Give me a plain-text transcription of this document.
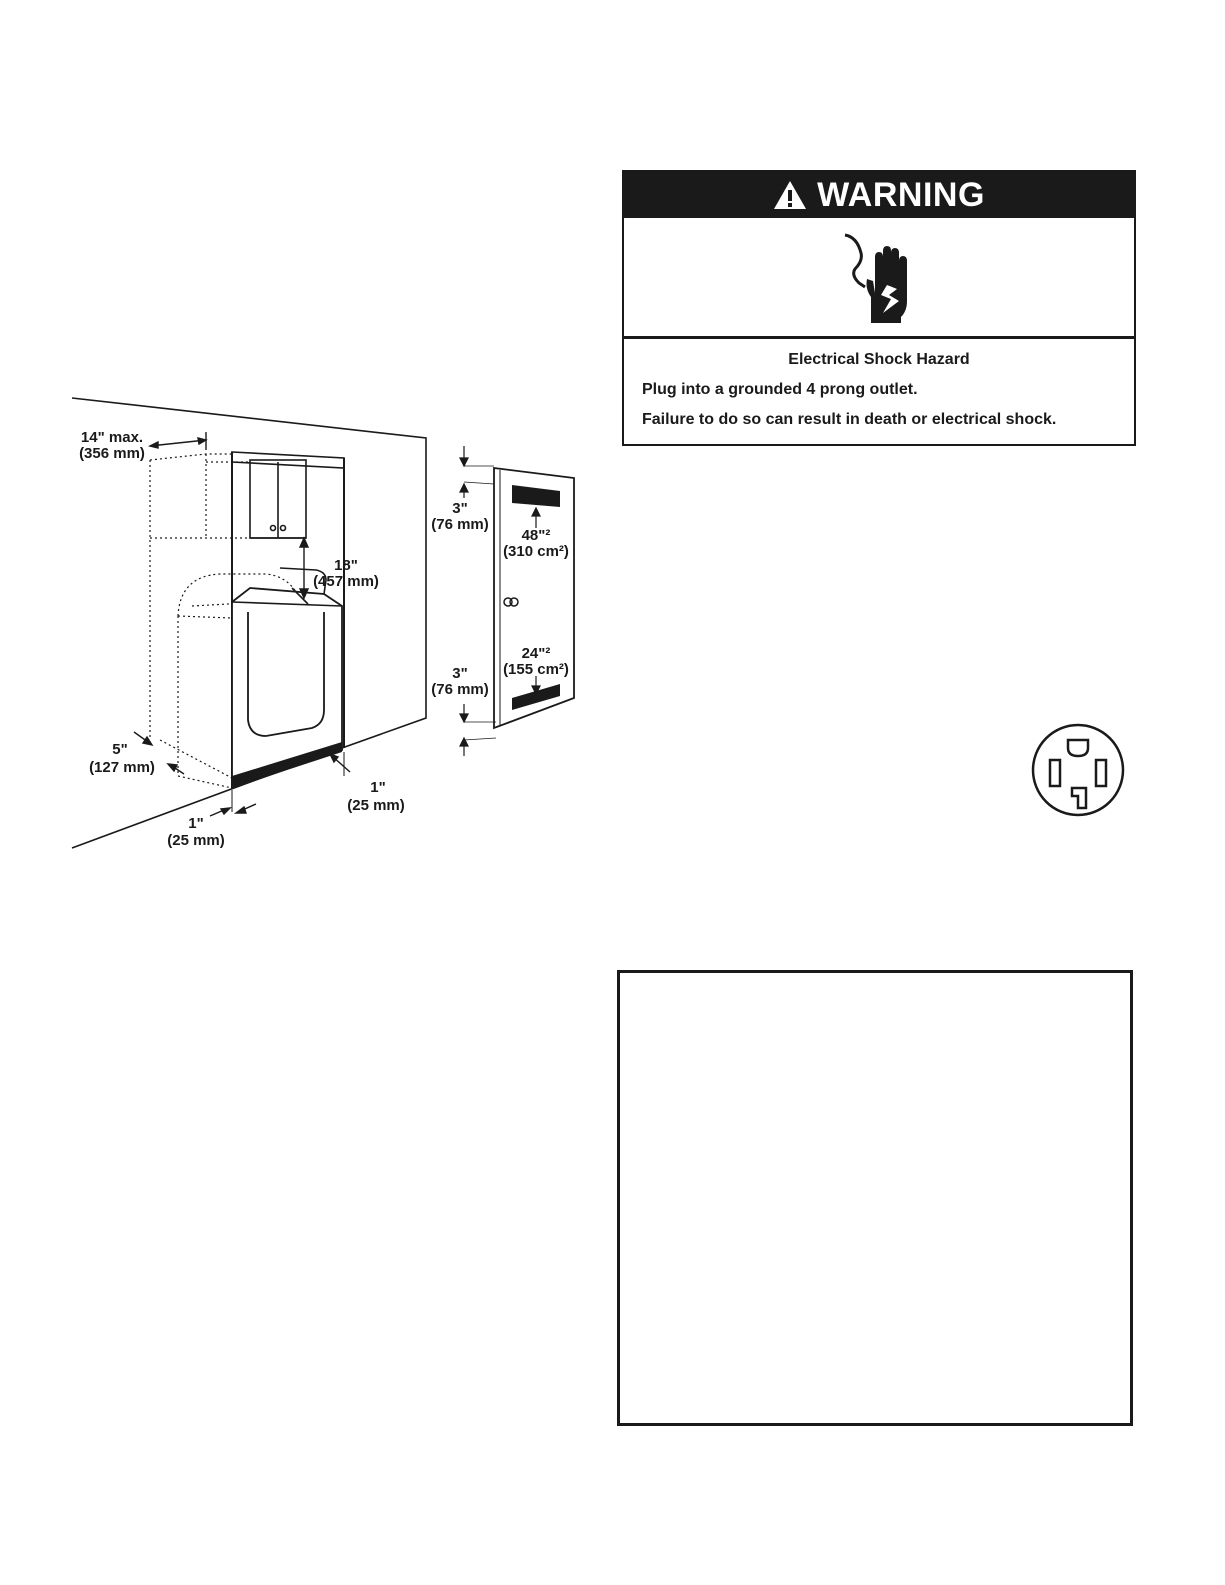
14" max.
(356 mm)
18"
(457 mm)
5"
(127 mm)
1"
(25 mm)
1"
(25 mm)
3"
(76 mm)
3"
(76 mm)
48"²
(310 cm²)
24"²
(155 cm²)
WARNING

Electrical Shock Hazard

Plug into a grounded 4 prong outlet.

Failure to do so can result in death or electrical shock.
